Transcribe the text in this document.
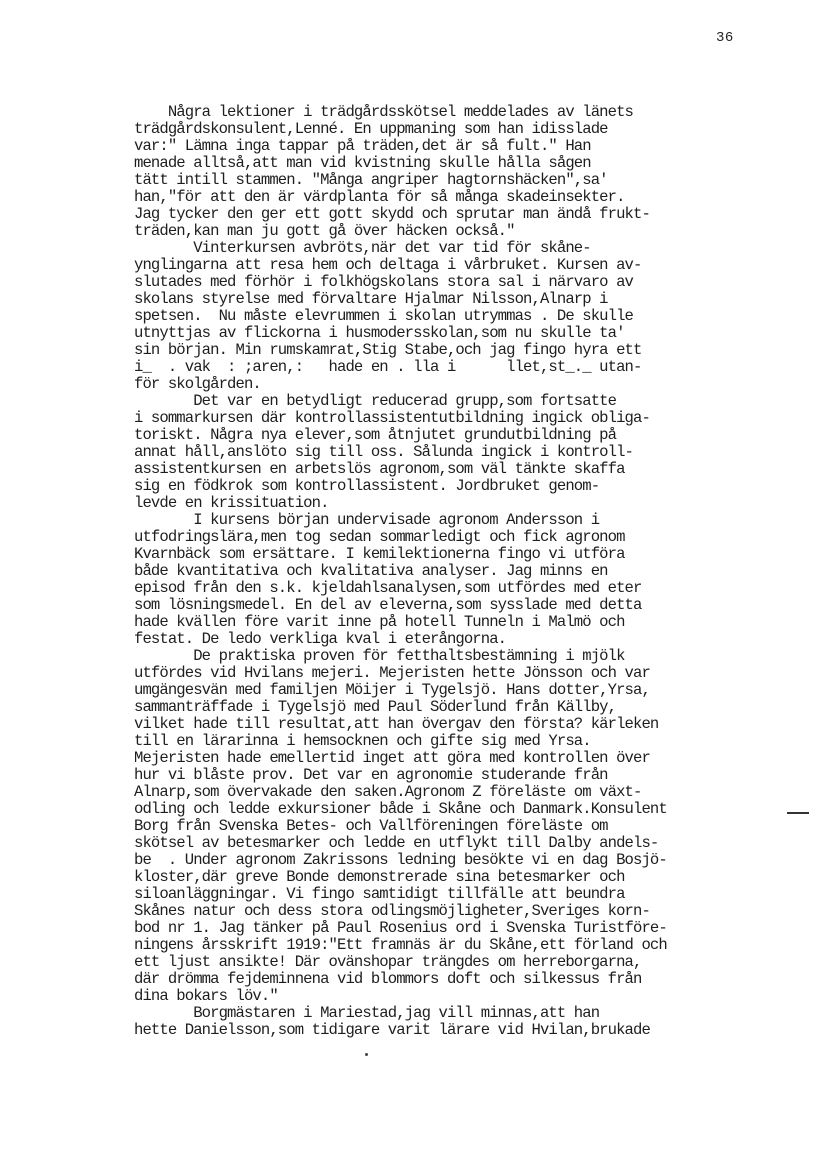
36
Några lektioner i trädgårdsskötsel meddelades av länets
trädgårdskonsulent,Lenné. En uppmaning som han idisslade
var:" Lämna inga tappar på träden,det är så fult." Han
menade alltså,att man vid kvistning skulle hålla sågen
tätt intill stammen. "Många angriper hagtornshäcken",sa'
han,"för att den är värdplanta för så många skadeinsekter.
Jag tycker den ger ett gott skydd och sprutar man ändå frukt-
träden,kan man ju gott gå över häcken också."
Vinterkursen avbröts,när det var tid för skåne-
ynglingarna att resa hem och deltaga i vårbruket. Kursen av-
slutades med förhör i folkhögskolans stora sal i närvaro av
skolans styrelse med förvaltare Hjalmar Nilsson,Alnarp i
spetsen.  Nu måste elevrummen i skolan utrymmas . De skulle
utnyttjas av flickorna i husmodersskolan,som nu skulle ta'
sin början. Min rumskamrat,Stig Stabe,och jag fingo hyra ett
i_  . vak  : ;aren,:   hade en . lla i      llet,st_._ utan-
för skolgården.
Det var en betydligt reducerad grupp,som fortsatte
i sommarkursen där kontrollassistentutbildning ingick obliga-
toriskt. Några nya elever,som åtnjutet grundutbildning på
annat håll,anslöto sig till oss. Sålunda ingick i kontroll-
assistentkursen en arbetslös agronom,som väl tänkte skaffa
sig en födkrok som kontrollassistent. Jordbruket genom-
levde en krissituation.
I kursens början undervisade agronom Andersson i
utfodringslära,men tog sedan sommarledigt och fick agronom
Kvarnbäck som ersättare. I kemilektionerna fingo vi utföra
både kvantitativa och kvalitativa analyser. Jag minns en
episod från den s.k. kjeldahlsanalysen,som utfördes med eter
som lösningsmedel. En del av eleverna,som sysslade med detta
hade kvällen före varit inne på hotell Tunneln i Malmö och
festat. De ledo verkliga kval i eterångorna.
De praktiska proven för fetthaltsbestämning i mjölk
utfördes vid Hvilans mejeri. Mejeristen hette Jönsson och var
umgängesvän med familjen Möijer i Tygelsjö. Hans dotter,Yrsa,
sammanträffade i Tygelsjö med Paul Söderlund från Källby,
vilket hade till resultat,att han övergav den första? kärleken
till en lärarinna i hemsocknen och gifte sig med Yrsa.
Mejeristen hade emellertid inget att göra med kontrollen över
hur vi blåste prov. Det var en agronomie studerande från
Alnarp,som övervakade den saken.Agronom Z föreläste om växt-
odling och ledde exkursioner både i Skåne och Danmark.Konsulent
Borg från Svenska Betes- och Vallföreningen föreläste om
skötsel av betesmarker och ledde en utflykt till Dalby andels-
be  . Under agronom Zakrissons ledning besökte vi en dag Bosjö-
kloster,där greve Bonde demonstrerade sina betesmarker och
siloanläggningar. Vi fingo samtidigt tillfälle att beundra
Skånes natur och dess stora odlingsmöjligheter,Sveriges korn-
bod nr 1. Jag tänker på Paul Rosenius ord i Svenska Turistföre-
ningens årsskrift 1919:"Ett framnäs är du Skåne,ett förland och
ett ljust ansikte! Där ovänshopar trängdes om herreborgarna,
där drömma fejdeminnena vid blommors doft och silkessus från
dina bokars löv."
Borgmästaren i Mariestad,jag vill minnas,att han
hette Danielsson,som tidigare varit lärare vid Hvilan,brukade
